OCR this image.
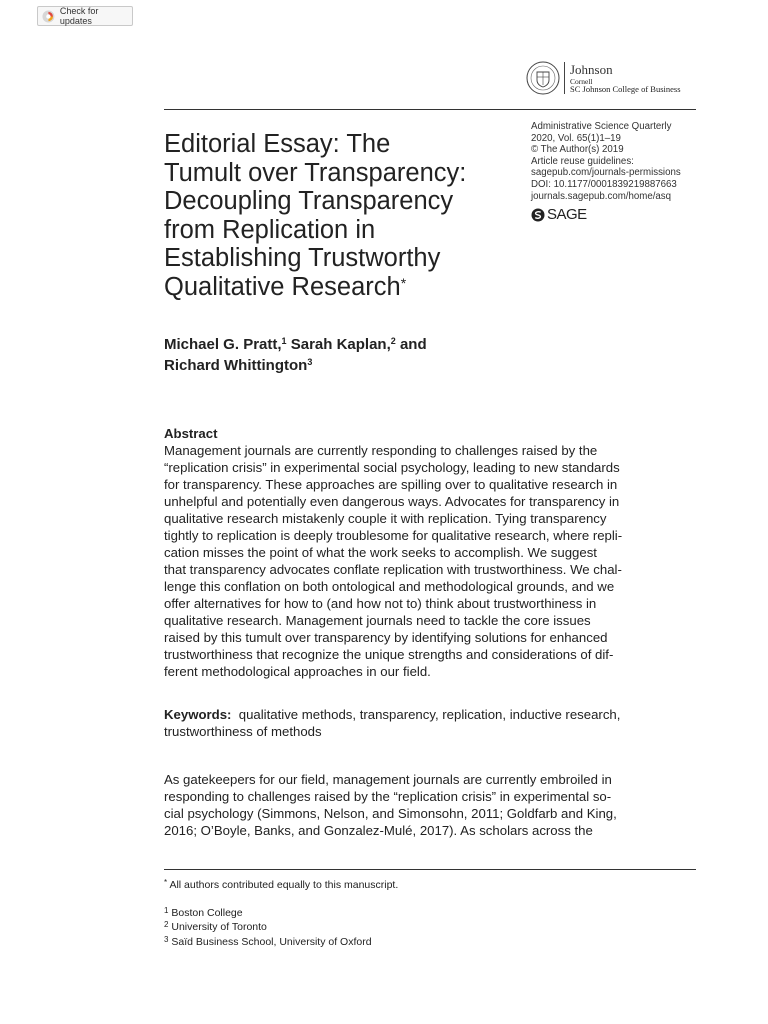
Check for updates
Johnson
Cornell
SC Johnson College of Business
Editorial Essay: The
Tumult over Transparency:
Decoupling Transparency
from Replication in
Establishing Trustworthy
Qualitative Research*
Administrative Science Quarterly
2020, Vol. 65(1)1–19
© The Author(s) 2019
Article reuse guidelines:
sagepub.com/journals-permissions
DOI: 10.1177/0001839219887663
journals.sagepub.com/home/asq
SAGE
Michael G. Pratt,$^1$ Sarah Kaplan,$^2$ and
Richard Whittington$^3$
Abstract
Management journals are currently responding to challenges raised by the
“replication crisis” in experimental social psychology, leading to new standards
for transparency. These approaches are spilling over to qualitative research in
unhelpful and potentially even dangerous ways. Advocates for transparency in
qualitative research mistakenly couple it with replication. Tying transparency
tightly to replication is deeply troublesome for qualitative research, where repli-
cation misses the point of what the work seeks to accomplish. We suggest
that transparency advocates conflate replication with trustworthiness. We chal-
lenge this conflation on both ontological and methodological grounds, and we
offer alternatives for how to (and how not to) think about trustworthiness in
qualitative research. Management journals need to tackle the core issues
raised by this tumult over transparency by identifying solutions for enhanced
trustworthiness that recognize the unique strengths and considerations of dif-
ferent methodological approaches in our field.
Keywords: qualitative methods, transparency, replication, inductive research,
trustworthiness of methods
As gatekeepers for our field, management journals are currently embroiled in
responding to challenges raised by the “replication crisis” in experimental so-
cial psychology (Simmons, Nelson, and Simonsohn, 2011; Goldfarb and King,
2016; O’Boyle, Banks, and Gonzalez-Mulé, 2017). As scholars across the
* All authors contributed equally to this manuscript.
$^1$ Boston College
$^2$ University of Toronto
$^3$ Saïd Business School, University of Oxford
